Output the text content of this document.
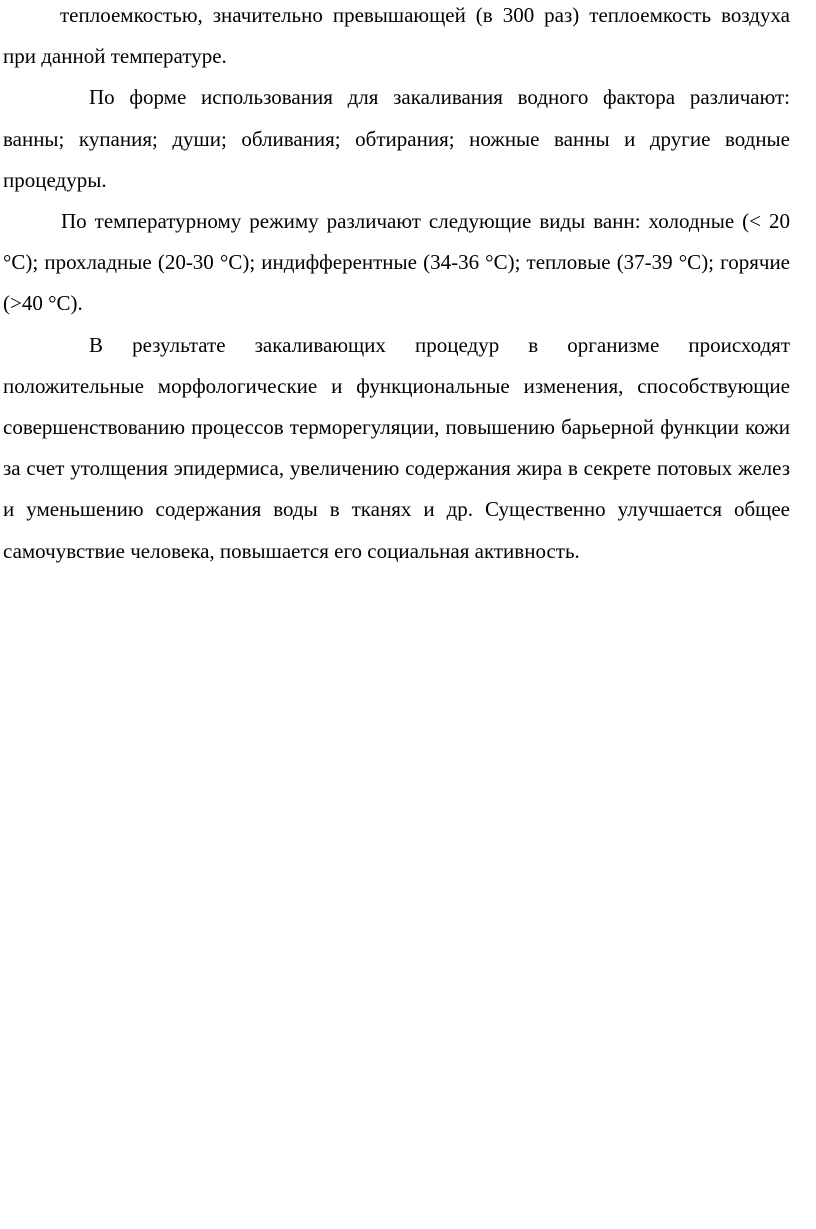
теплоемкостью, значительно превышающей (в 300 раз) теплоемкость воздуха при данной температуре.

По форме использования для закаливания водного фактора различают: ванны; купания; души; обливания; обтирания; ножные ванны и другие водные процедуры.

По температурному режиму различают следующие виды ванн: холодные (< 20 °С); прохладные (20-30 °С); индифферентные (34-36 °С); тепловые (37-39 °С); горячие (>40 °С).

В результате закаливающих процедур в организме происходят положительные морфологические и функциональные изменения, способствующие совершенствованию процессов терморегуляции, повышению барьерной функции кожи за счет утолщения эпидермиса, увеличению содержания жира в секрете потовых желез и уменьшению содержания воды в тканях и др. Существенно улучшается общее самочувствие человека, повышается его социальная активность.
